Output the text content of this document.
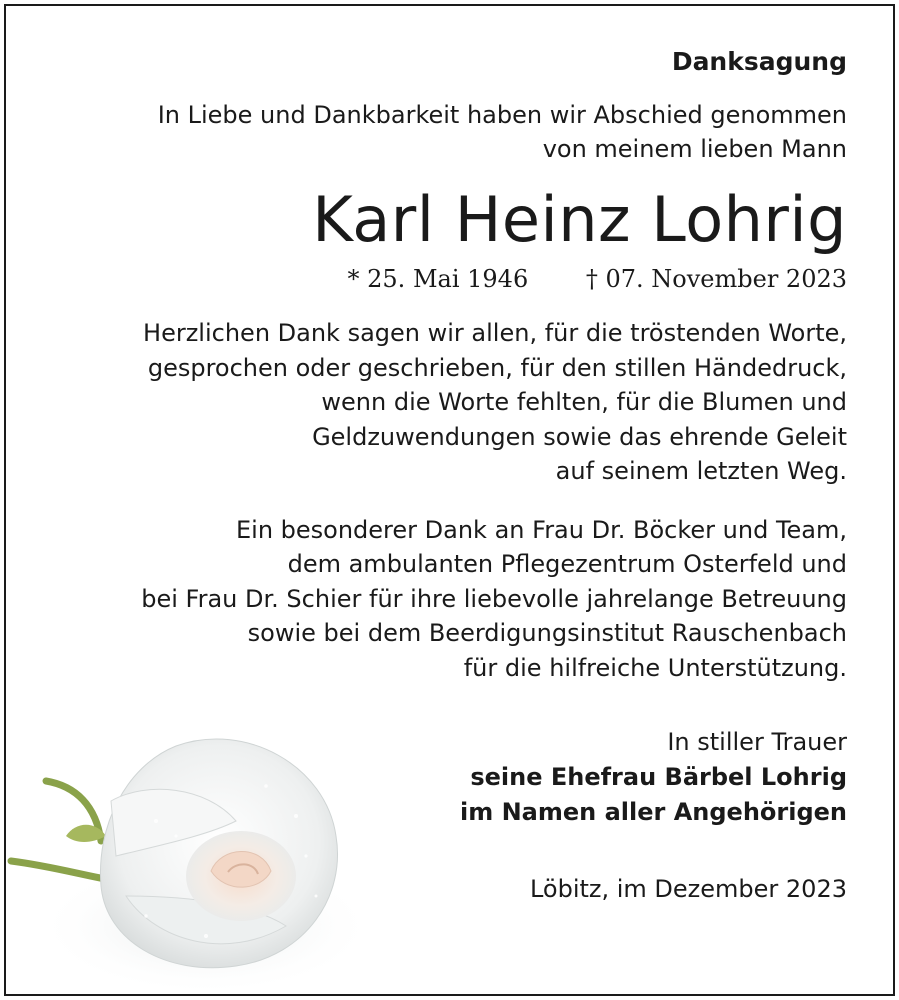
Danksagung
In Liebe und Dankbarkeit haben wir Abschied genommen
von meinem lieben Mann
Karl Heinz Lohrig
* 25. Mai 1946 † 07. November 2023
Herzlichen Dank sagen wir allen, für die tröstenden Worte,
gesprochen oder geschrieben, für den stillen Händedruck,
wenn die Worte fehlten, für die Blumen und
Geldzuwendungen sowie das ehrende Geleit
auf seinem letzten Weg.
Ein besonderer Dank an Frau Dr. Böcker und Team,
dem ambulanten Pflegezentrum Osterfeld und
bei Frau Dr. Schier für ihre liebevolle jahrelange Betreuung
sowie bei dem Beerdigungsinstitut Rauschenbach
für die hilfreiche Unterstützung.
In stiller Trauer
seine Ehefrau Bärbel Lohrig
im Namen aller Angehörigen
Löbitz, im Dezember 2023
